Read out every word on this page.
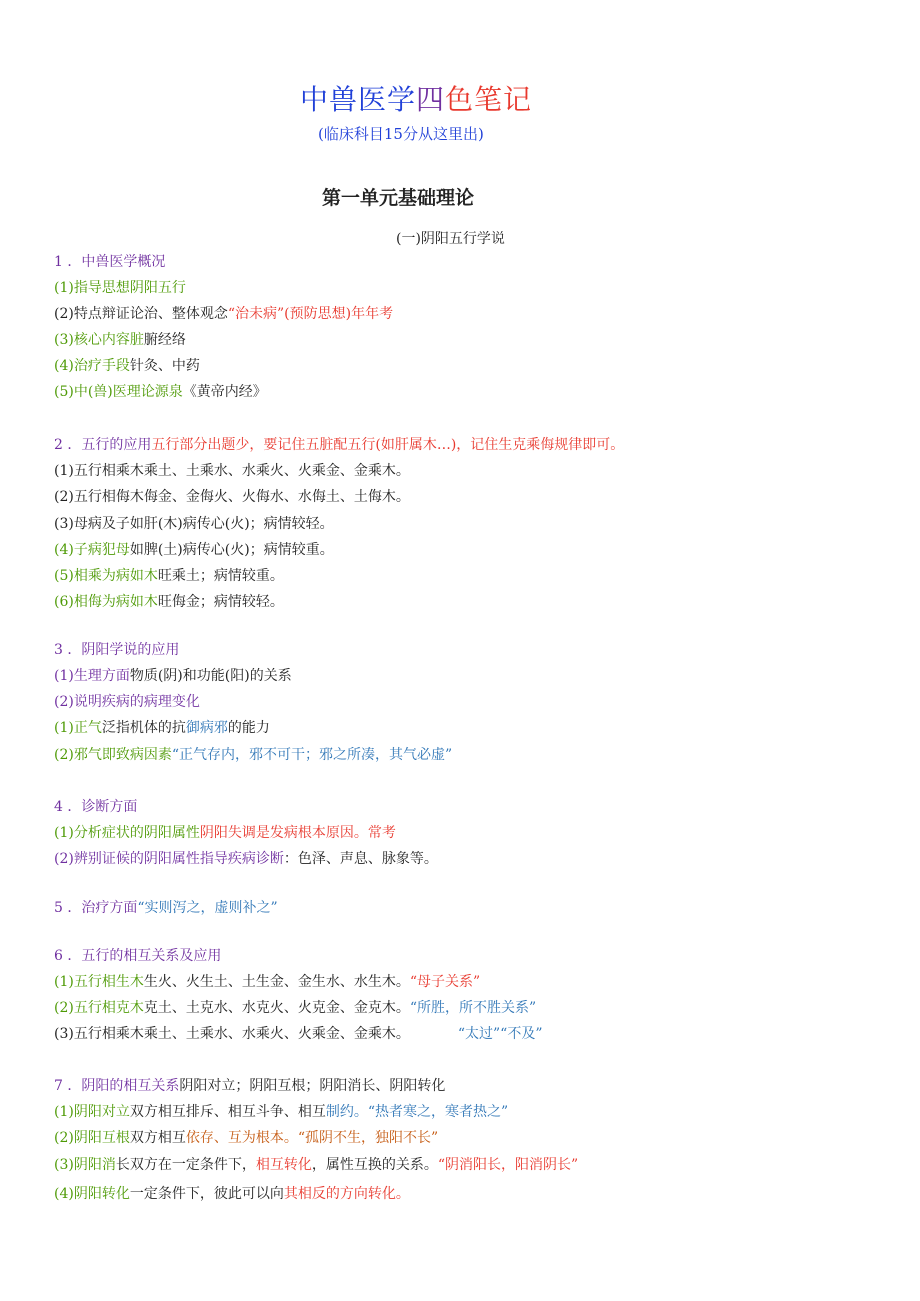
中兽医学四色笔记
(临床科目15分从这里出)
第一单元基础理论
(一)阴阳五行学说
1 ．中兽医学概况
(1)指导思想阴阳五行
(2)特点辩证论治、整体观念“治未病”(预防思想)年年考
(3)核心内容脏腑经络
(4)治疗手段针灸、中药
(5)中(兽)医理论源泉《黄帝内经》
2 ．五行的应用五行部分出题少，要记住五脏配五行(如肝属木…)，记住生克乘侮规律即可。
(1)五行相乘木乘土、土乘水、水乘火、火乘金、金乘木。
(2)五行相侮木侮金、金侮火、火侮水、水侮土、土侮木。
(3)母病及子如肝(木)病传心(火)；病情较轻。
(4)子病犯母如脾(土)病传心(火)；病情较重。
(5)相乘为病如木旺乘土；病情较重。
(6)相侮为病如木旺侮金；病情较轻。
3 ．阴阳学说的应用
(1)生理方面物质(阴)和功能(阳)的关系
(2)说明疾病的病理变化
(1)正气泛指机体的抗御病邪的能力
(2)邪气即致病因素“正气存内，邪不可干；邪之所凑，其气必虚”
4 ．诊断方面
(1)分析症状的阴阳属性阴阳失调是发病根本原因。常考
(2)辨别证候的阴阳属性指导疾病诊断：色泽、声息、脉象等。
5 ．治疗方面“实则泻之，虚则补之”
6 ．五行的相互关系及应用
(1)五行相生木生火、火生土、土生金、金生水、水生木。“母子关系”
(2)五行相克木克土、土克水、水克火、火克金、金克木。“所胜，所不胜关系”
(3)五行相乘木乘土、土乘水、水乘火、火乘金、金乘木。	“太过”“不及”
7 ．阴阳的相互关系阴阳对立；阴阳互根；阴阳消长、阴阳转化
(1)阴阳对立双方相互排斥、相互斗争、相互制约。“热者寒之，寒者热之”
(2)阴阳互根双方相互依存、互为根本。“孤阴不生，独阳不长”
(3)阴阳消长双方在一定条件下，相互转化，属性互换的关系。“阴消阳长，阳消阴长”
(4)阴阳转化一定条件下，彼此可以向其相反的方向转化。
